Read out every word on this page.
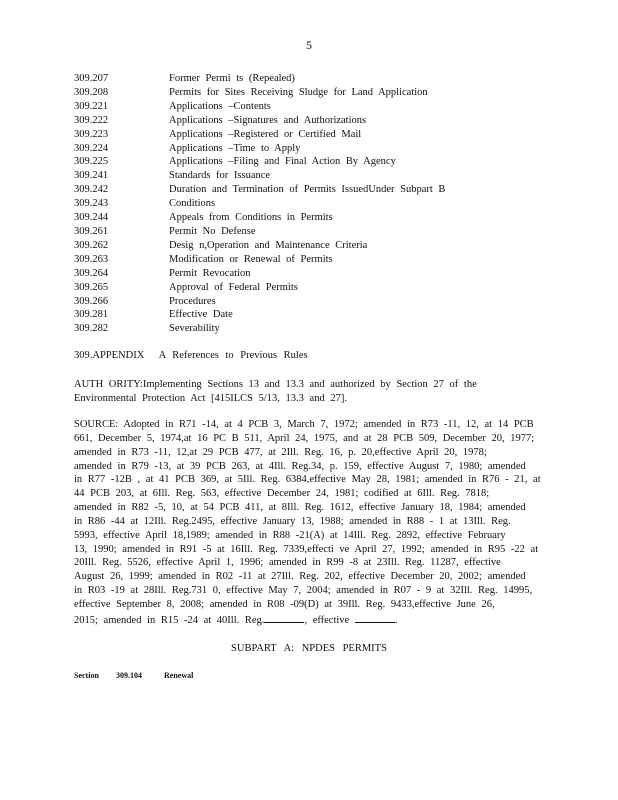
5
309.207	Former Permi ts (Repealed)
309.208	Permits for Sites Receiving Sludge for Land Application
309.221	Applications –Contents
309.222	Applications –Signatures and Authorizations
309.223	Applications –Registered or Certified Mail
309.224	Applications –Time to Apply
309.225	Applications –Filing and Final Action By Agency
309.241	Standards for Issuance
309.242	Duration and Termination of Permits IssuedUnder Subpart B
309.243	Conditions
309.244	Appeals from Conditions in Permits
309.261	Permit No Defense
309.262	Desig n,Operation and Maintenance Criteria
309.263	Modification or Renewal of Permits
309.264	Permit Revocation
309.265	Approval of Federal Permits
309.266	Procedures
309.281	Effective Date
309.282	Severability
309.APPENDIX A References to Previous Rules
AUTH ORITY:Implementing Sections 13 and 13.3 and authorized by Section 27 of the
Environmental Protection Act [415ILCS 5/13, 13.3 and 27].
SOURCE: Adopted in R71 -14, at 4 PCB 3, March 7, 1972; amended in R73 -11, 12, at 14 PCB
661, December 5, 1974,at 16 PC B 511, April 24, 1975, and at 28 PCB 509, December 20, 1977;
amended in R73 -11, 12,at 29 PCB 477, at 2Ill. Reg. 16, p. 20,effective April 20, 1978;
amended in R79 -13, at 39 PCB 263, at 4Ill. Reg.34, p. 159, effective August 7, 1980; amended
in R77 -12B , at 41 PCB 369, at 5Ill. Reg. 6384,effective May 28, 1981; amended in R76 - 21, at
44 PCB 203, at 6Ill. Reg. 563, effective December 24, 1981; codified at 6Ill. Reg. 7818;
amended in R82 -5, 10, at 54 PCB 411, at 8Ill. Reg. 1612, effective January 18, 1984; amended
in R86 -44 at 12Ill. Reg.2495, effective January 13, 1988; amended in R88 - 1 at 13Ill. Reg.
5993, effective April 18,1989; amended in R88 -21(A) at 14Ill. Reg. 2892, effective February
13, 1990; amended in R91 -5 at 16Ill. Reg. 7339,effecti ve April 27, 1992; amended in R95 -22 at
20Ill. Reg. 5526, effective April 1, 1996; amended in R99 -8 at 23Ill. Reg. 11287, effective
August 26, 1999; amended in R02 -11 at 27Ill. Reg. 202, effective December 20, 2002; amended
in R03 -19 at 28Ill. Reg.731 0, effective May 7, 2004; amended in R07 - 9 at 32Ill. Reg. 14995,
effective September 8, 2008; amended in R08 -09(D) at 39Ill. Reg. 9433,effective June 26,
2015; amended in R15 -24 at 40Ill. Reg.	, effective	.
SUBPART A: NPDES PERMITS
Section 309.104	Renewal
